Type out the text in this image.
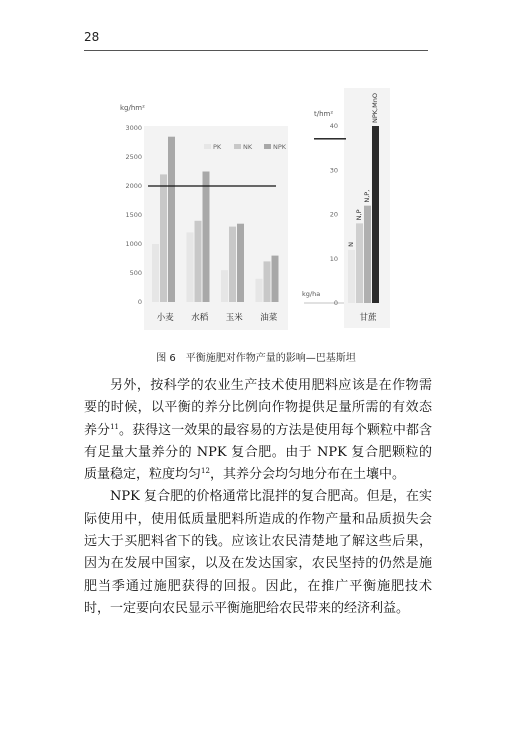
28
kg/hm²
0
500
1000
1500
2000
2500
3000
小麦 水稻 玉米 油菜
PK	NK	NPK
t/hm²
0
10
20
30
40
kg/ha
N
N,P
N,P,
NPK,MnO
甘蔗
图 6　平衡施肥对作物产量的影响—巴基斯坦

另外，按科学的农业生产技术使用肥料应该是在作物需要的时候，以平衡的养分比例向作物提供足量所需的有效态养分$^{11}$。获得这一效果的最容易的方法是使用每个颗粒中都含有足量大量养分的 NPK 复合肥。由于 NPK 复合肥颗粒的质量稳定，粒度均匀$^{12}$，其养分会均匀地分布在土壤中。

NPK 复合肥的价格通常比混拌的复合肥高。但是，在实际使用中，使用低质量肥料所造成的作物产量和品质损失会远大于买肥料省下的钱。应该让农民清楚地了解这些后果，因为在发展中国家，以及在发达国家，农民坚持的仍然是施肥当季通过施肥获得的回报。因此，在推广平衡施肥技术时，一定要向农民显示平衡施肥给农民带来的经济利益。
